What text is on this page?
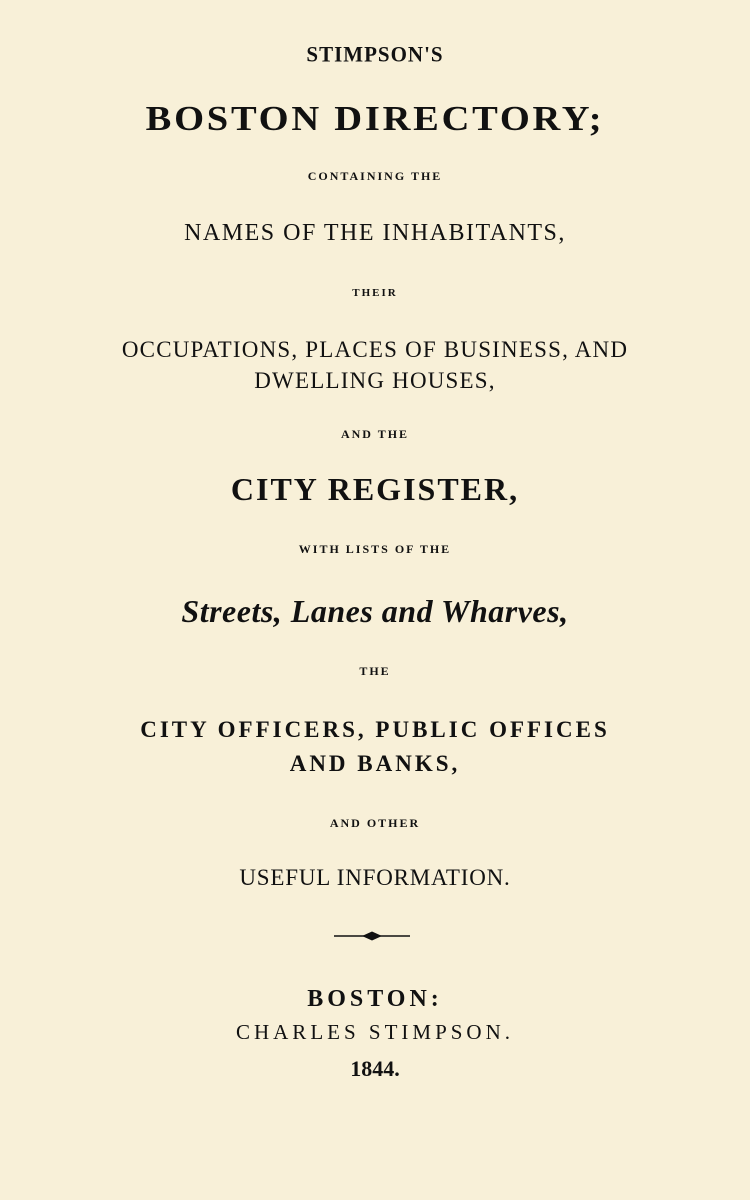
STIMPSON'S
BOSTON DIRECTORY;
CONTAINING THE
NAMES OF THE INHABITANTS,
THEIR
OCCUPATIONS, PLACES OF BUSINESS, AND
DWELLING HOUSES,
AND THE
CITY REGISTER,
WITH LISTS OF THE
Streets, Lanes and Wharves,
THE
CITY OFFICERS, PUBLIC OFFICES
AND BANKS,
AND OTHER
USEFUL INFORMATION.
BOSTON:
CHARLES STIMPSON.
1844.
